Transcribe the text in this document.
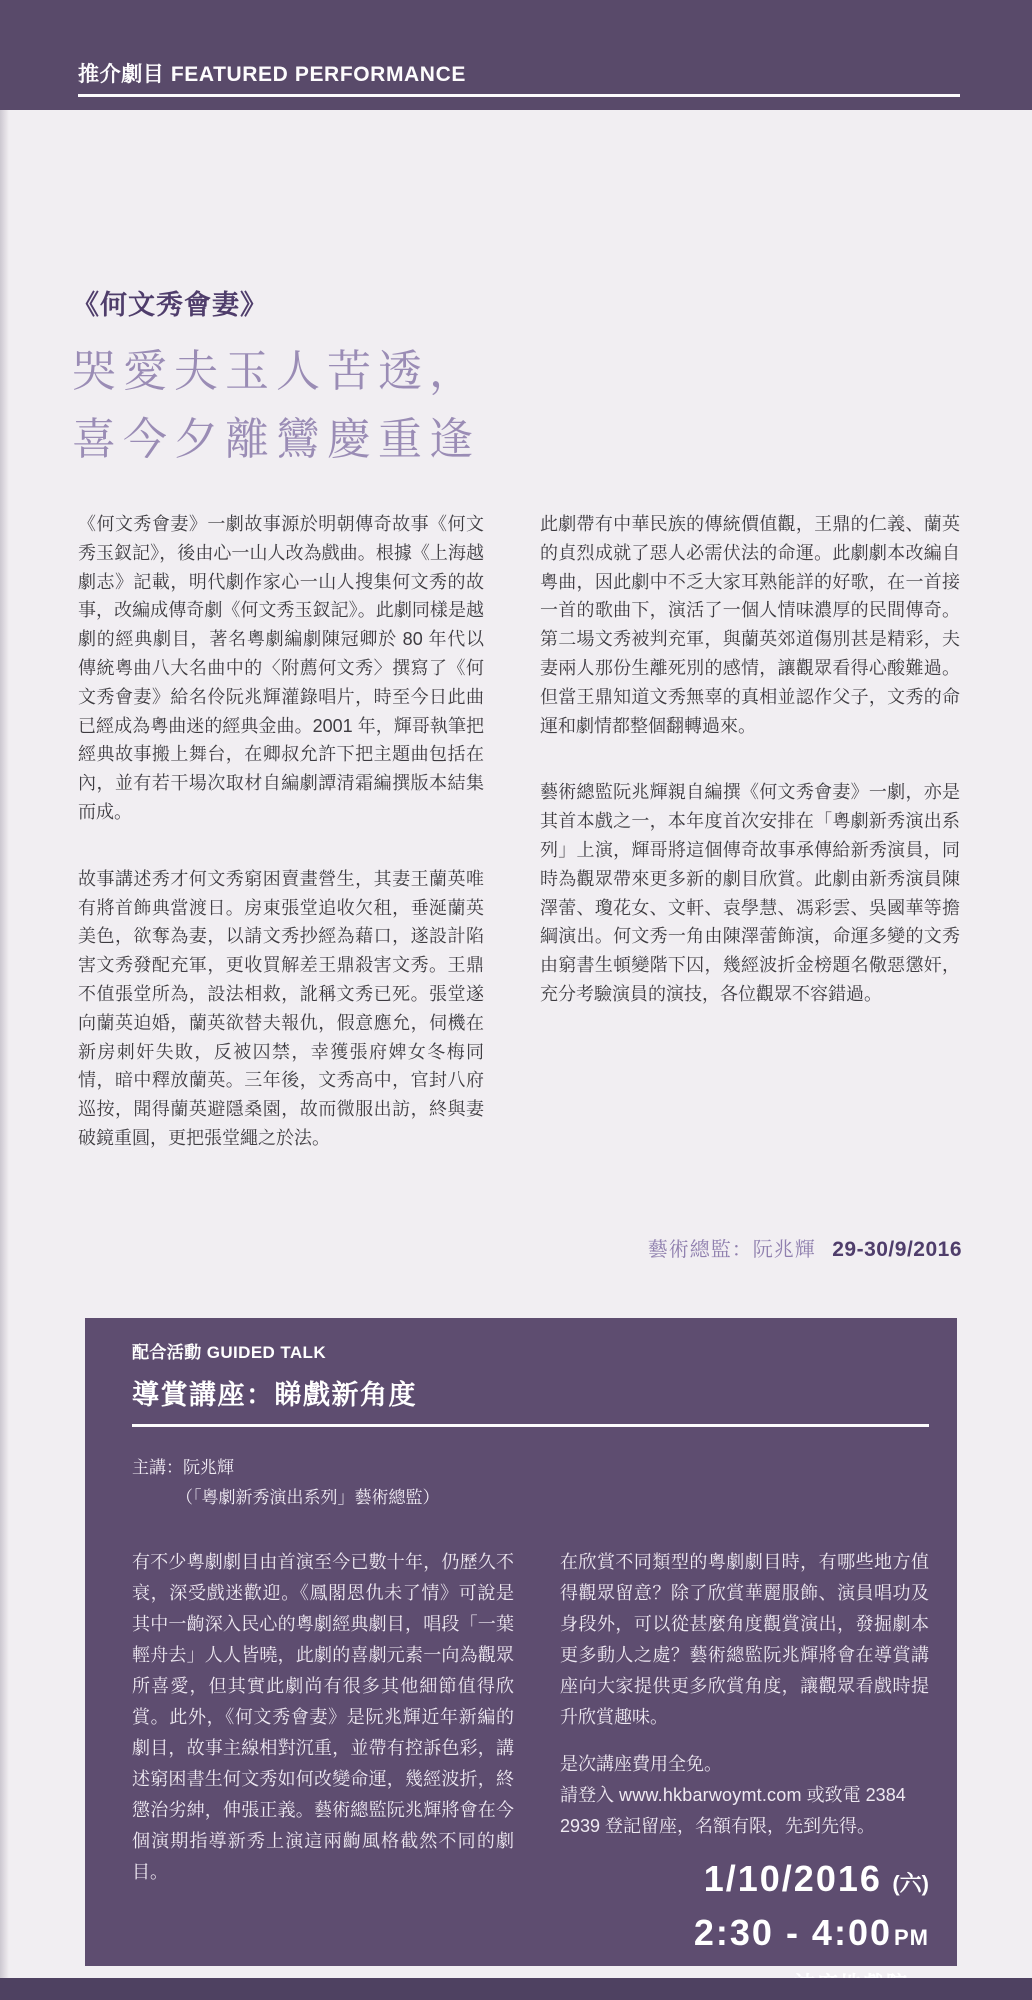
推介劇目 FEATURED PERFORMANCE
《何文秀會妻》
哭愛夫玉人苦透，
喜今夕離鸞慶重逢

《何文秀會妻》一劇故事源於明朝傳奇故事《何文秀玉釵記》，後由心一山人改為戲曲。根據《上海越劇志》記載，明代劇作家心一山人搜集何文秀的故事，改編成傳奇劇《何文秀玉釵記》。此劇同樣是越劇的經典劇目，著名粵劇編劇陳冠卿於 80 年代以傳統粵曲八大名曲中的〈附薦何文秀〉撰寫了《何文秀會妻》給名伶阮兆輝灌錄唱片，時至今日此曲已經成為粵曲迷的經典金曲。2001 年，輝哥執筆把經典故事搬上舞台，在卿叔允許下把主題曲包括在內，並有若干場次取材自編劇譚清霜編撰版本結集而成。

故事講述秀才何文秀窮困賣畫營生，其妻王蘭英唯有將首飾典當渡日。房東張堂追收欠租，垂涎蘭英美色，欲奪為妻，以請文秀抄經為藉口，遂設計陷害文秀發配充軍，更收買解差王鼎殺害文秀。王鼎不值張堂所為，設法相救，訛稱文秀已死。張堂遂向蘭英迫婚，蘭英欲替夫報仇，假意應允，伺機在新房刺奸失敗，反被囚禁，幸獲張府婢女冬梅同情，暗中釋放蘭英。三年後，文秀高中，官封八府巡按，聞得蘭英避隱桑園，故而微服出訪，終與妻破鏡重圓，更把張堂繩之於法。

此劇帶有中華民族的傳統價值觀，王鼎的仁義、蘭英的貞烈成就了惡人必需伏法的命運。此劇劇本改編自粵曲，因此劇中不乏大家耳熟能詳的好歌，在一首接一首的歌曲下，演活了一個人情味濃厚的民間傳奇。第二場文秀被判充軍，與蘭英郊道傷別甚是精彩，夫妻兩人那份生離死別的感情，讓觀眾看得心酸難過。但當王鼎知道文秀無辜的真相並認作父子，文秀的命運和劇情都整個翻轉過來。

藝術總監阮兆輝親自編撰《何文秀會妻》一劇，亦是其首本戲之一，本年度首次安排在「粵劇新秀演出系列」上演，輝哥將這個傳奇故事承傳給新秀演員，同時為觀眾帶來更多新的劇目欣賞。此劇由新秀演員陳澤蕾、瓊花女、文軒、袁學慧、馮彩雲、吳國華等擔綱演出。何文秀一角由陳澤蕾飾演，命運多變的文秀由窮書生頓變階下囚，幾經波折金榜題名儆惡懲奸，充分考驗演員的演技，各位觀眾不容錯過。

藝術總監：阮兆輝 29-30/9/2016
配合活動 GUIDED TALK
導賞講座：睇戲新角度
主講：阮兆輝
（「粵劇新秀演出系列」藝術總監）

有不少粵劇劇目由首演至今已數十年，仍歷久不衰，深受戲迷歡迎。《鳳閣恩仇未了情》可說是其中一齣深入民心的粵劇經典劇目，唱段「一葉輕舟去」人人皆曉，此劇的喜劇元素一向為觀眾所喜愛，但其實此劇尚有很多其他細節值得欣賞。此外，《何文秀會妻》是阮兆輝近年新編的劇目，故事主線相對沉重，並帶有控訴色彩，講述窮困書生何文秀如何改變命運，幾經波折，終懲治劣紳，伸張正義。藝術總監阮兆輝將會在今個演期指導新秀上演這兩齣風格截然不同的劇目。

在欣賞不同類型的粵劇劇目時，有哪些地方值得觀眾留意？除了欣賞華麗服飾、演員唱功及身段外，可以從甚麼角度觀賞演出，發掘劇本更多動人之處？藝術總監阮兆輝將會在導賞講座向大家提供更多欣賞角度，讓觀眾看戲時提升欣賞趣味。

是次講座費用全免。

請登入 www.hkbarwoymt.com 或致電 2384 2939 登記留座，名額有限，先到先得。

1/10/2016 (六)
2:30 - 4:00PM
